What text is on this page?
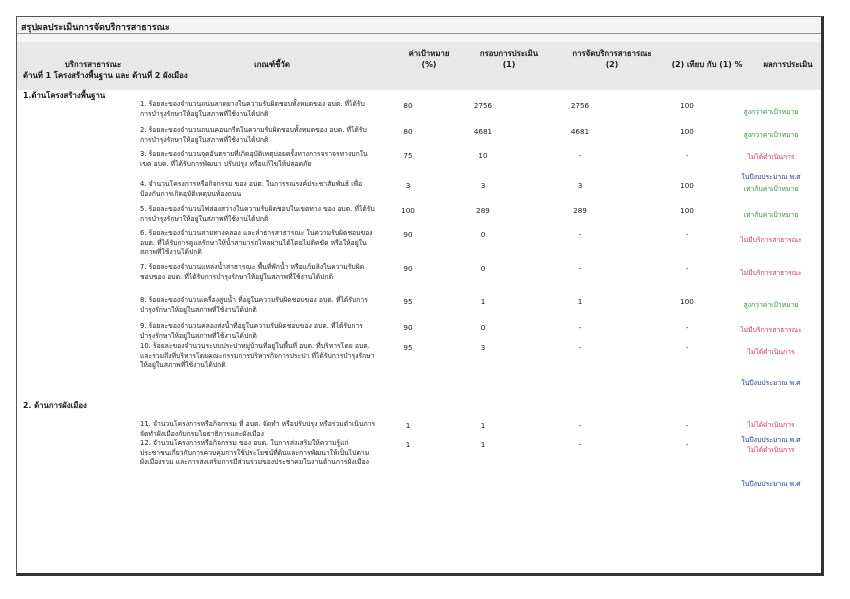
สรุปผลประเมินการจัดบริการสาธารณะ
บริการสาธารณะ	เกณฑ์ชี้วัด
ค่าเป้าหมาย
(%)
กรอบการประเมิน
(1)
การจัดบริการสาธารณะ
(2)	(2) เทียบ กับ (1) %	ผลการประเมิน
ด้านที่ 1 โครงสร้างพื้นฐาน และ ด้านที่ 2 ผังเมือง
1.ด้านโครงสร้างพื้นฐาน
2. ด้านการผังเมือง
1. ร้อยละของจำนวนถนนลาดยางในความรับผิดชอบทั้งหมดของ อบต. ที่ได้รับการบำรุงรักษาให้อยู่ในสภาพที่ใช้งานได้ปกติ
80	2756	2756	100
สูงกว่าค่าเป้าหมาย
2. ร้อยละของจำนวนถนนคอนกรีตในความรับผิดชอบทั้งหมดของ อบต. ที่ได้รับการบำรุงรักษาให้อยู่ในสภาพที่ใช้งานได้ปกติ
80	4681	4681	100	สูงกว่าค่าเป้าหมาย
3. ร้อยละของจำนวนจุดอันตรายที่เกิดอุบัติเหตุบ่อยครั้งทางการจราจรทางบกในเขต อบต. ที่ได้รับการพัฒนา ปรับปรุง หรือแก้ไขให้ปลอดภัย
75	10	-	-	ไม่ได้ดำเนินการ
ในปีงบประมาณ พ.ศ
4. จำนวนโครงการหรือกิจกรรม ของ อบต. ในการรณรงค์ประชาสัมพันธ์ เพื่อป้องกันการเกิดอุบัติเหตุบนท้องถนน
3	3	3	100	เท่ากับค่าเป้าหมาย
5. ร้อยละของจำนวนไฟส่องสว่างในความรับผิดชอบในเขตทาง ของ อบต. ที่ได้รับการบำรุงรักษาให้อยู่ในสภาพที่ใช้งานได้ปกติ
100	289	289	100	เท่ากับค่าเป้าหมาย
6. ร้อยละของจำนวนสายทางคลอง และลำธารสาธารณะ ในความรับผิดชอบของ อบต. ที่ได้รับการดูแลรักษาให้น้ำสามารถไหลผ่านได้โดยไม่ติดขัด หรือให้อยู่ในสภาพที่ใช้งานได้ปกติ
90	0	-	-
ไม่มีบริการสาธารณะ
7. ร้อยละของจำนวนแหล่งน้ำสาธารณะ พื้นที่พักน้ำ หรือแก้มลิงในความรับผิดชอบของ อบต. ที่ได้รับการบำรุงรักษาให้อยู่ในสภาพที่ใช้งานได้ปกติ
90	0	-	-	ไม่มีบริการสาธารณะ
8. ร้อยละของจำนวนเครื่องสูบน้ำ ที่อยู่ในความรับผิดชอบของ อบต. ที่ได้รับการบำรุงรักษาให้อยู่ในสภาพที่ใช้งานได้ปกติ
95	1	1	100	สูงกว่าค่าเป้าหมาย
9. ร้อยละของจำนวนคลองส่งน้ำที่อยู่ในความรับผิดชอบของ อบต. ที่ได้รับการบำรุงรักษาให้อยู่ในสภาพที่ใช้งานได้ปกติ
90	0	-	-	ไม่มีบริการสาธารณะ
10. ร้อยละของจำนวนระบบประปาหมู่บ้านที่อยู่ในพื้นที่ อบต. ที่บริหารโดย อบต. และรวมถึงที่บริหารโดยคณะกรรมการบริหารกิจการประปา ที่ได้รับการบำรุงรักษาให้อยู่ในสภาพที่ใช้งานได้ปกติ
95	3	-	-	ไม่ได้ดำเนินการ
ในปีงบประมาณ พ.ศ
11. จำนวนโครงการหรือกิจกรรม ที่ อบต. จัดทำ หรือปรับปรุง หรือร่วมดำเนินการจัดทำผังเมืองกับกรมโยธาธิการและผังเมือง
1	1	-	-	ไม่ได้ดำเนินการ
ในปีงบประมาณ พ.ศ
12. จำนวนโครงการหรือกิจกรรม ของ อบต. ในการส่งเสริมให้ความรู้แก่ประชาชนเกี่ยวกับการควบคุมการใช้ประโยชน์ที่ดินและการพัฒนาให้เป็นไปตามผังเมืองรวม และการส่งเสริมการมีส่วนร่วมของประชาคมในงานด้านการผังเมือง
1	1	-	-
ไม่ได้ดำเนินการ
ในปีงบประมาณ พ.ศ
